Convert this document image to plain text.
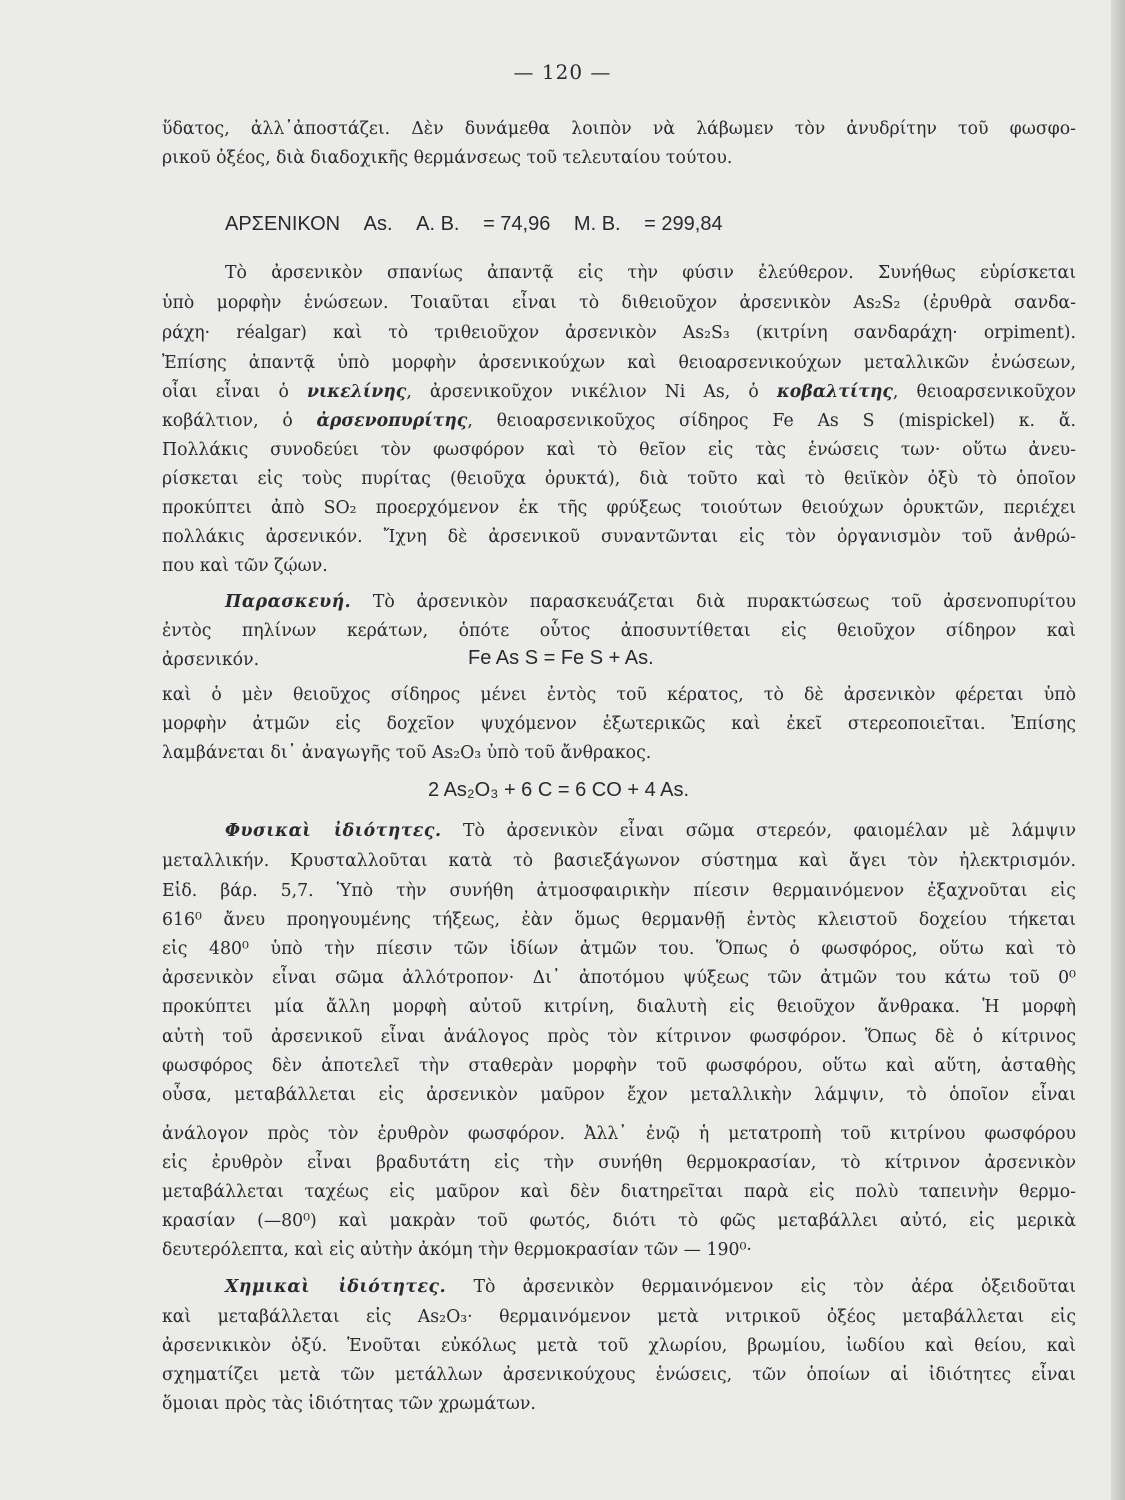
— 120 —
ὕδατος, ἀλλ᾿ἀποστάζει. Δὲν δυνάμεθα λοιπὸν νὰ λάβωμεν τὸν ἀνυδρίτην τοῦ φωσφο-
ρικοῦ ὀξέος, διὰ διαδοχικῆς θερμάνσεως τοῦ τελευταίου τούτου.
ΑΡΣΕΝΙΚΟΝ As. Α. Β. = 74,96 Μ. Β. = 299,84
Τὸ ἀρσενικὸν σπανίως ἀπαντᾷ εἰς τὴν φύσιν ἐλεύθερον. Συνήθως εὑρίσκεται
ὑπὸ μορφὴν ἑνώσεων. Τοιαῦται εἶναι τὸ διθειοῦχον ἀρσενικὸν As₂S₂ (ἐρυθρὰ σανδα-
ράχη· réalgar) καὶ τὸ τριθειοῦχον ἀρσενικὸν As₂S₃ (κιτρίνη σανδαράχη· orpiment).
Ἐπίσης ἀπαντᾷ ὑπὸ μορφὴν ἀρσενικούχων καὶ θειοαρσενικούχων μεταλλικῶν ἑνώσεων,
οἷαι εἶναι ὁ νικελίνης, ἀρσενικοῦχον νικέλιον Ni As, ὁ κοβαλτίτης, θειοαρσενικοῦχον
κοβάλτιον, ὁ ἀρσενοπυρίτης, θειοαρσενικοῦχος σίδηρος Fe As S (mispickel) κ. ἄ.
Πολλάκις συνοδεύει τὸν φωσφόρον καὶ τὸ θεῖον εἰς τὰς ἑνώσεις των· οὕτω ἀνευ-
ρίσκεται εἰς τοὺς πυρίτας (θειοῦχα ὀρυκτά), διὰ τοῦτο καὶ τὸ θειϊκὸν ὀξὺ τὸ ὁποῖον
προκύπτει ἀπὸ SO₂ προερχόμενον ἐκ τῆς φρύξεως τοιούτων θειούχων ὀρυκτῶν, περιέχει
πολλάκις ἀρσενικόν. Ἴχνη δὲ ἀρσενικοῦ συναντῶνται εἰς τὸν ὀργανισμὸν τοῦ ἀνθρώ-
που καὶ τῶν ζῴων.
Παρασκευή. Τὸ ἀρσενικὸν παρασκευάζεται διὰ πυρακτώσεως τοῦ ἀρσενοπυρίτου
ἐντὸς πηλίνων κεράτων, ὁπότε οὗτος ἀποσυντίθεται εἰς θειοῦχον σίδηρον καὶ
ἀρσενικόν.	Fe As S = Fe S + As.
καὶ ὁ μὲν θειοῦχος σίδηρος μένει ἐντὸς τοῦ κέρατος, τὸ δὲ ἀρσενικὸν φέρεται ὑπὸ
μορφὴν ἀτμῶν εἰς δοχεῖον ψυχόμενον ἐξωτερικῶς καὶ ἐκεῖ στερεοποιεῖται. Ἐπίσης
λαμβάνεται δι᾿ ἀναγωγῆς τοῦ As₂O₃ ὑπὸ τοῦ ἄνθρακος.
2 As₂O₃ + 6 C = 6 CO + 4 As.
Φυσικαὶ ἰδιότητες. Τὸ ἀρσενικὸν εἶναι σῶμα στερεόν, φαιομέλαν μὲ λάμψιν
μεταλλικήν. Κρυσταλλοῦται κατὰ τὸ βασιεξάγωνον σύστημα καὶ ἄγει τὸν ἠλεκτρισμόν.
Εἰδ. βάρ. 5,7. Ὑπὸ τὴν συνήθη ἀτμοσφαιρικὴν πίεσιν θερμαινόμενον ἐξαχνοῦται εἰς
616⁰ ἄνευ προηγουμένης τήξεως, ἐὰν ὅμως θερμανθῇ ἐντὸς κλειστοῦ δοχείου τήκεται
εἰς 480⁰ ὑπὸ τὴν πίεσιν τῶν ἰδίων ἀτμῶν του. Ὅπως ὁ φωσφόρος, οὕτω καὶ τὸ
ἀρσενικὸν εἶναι σῶμα ἀλλότροπον· Δι᾿ ἀποτόμου ψύξεως τῶν ἀτμῶν του κάτω τοῦ 0⁰
προκύπτει μία ἄλλη μορφὴ αὐτοῦ κιτρίνη, διαλυτὴ εἰς θειοῦχον ἄνθρακα. Ἡ μορφὴ
αὐτὴ τοῦ ἀρσενικοῦ εἶναι ἀνάλογος πρὸς τὸν κίτρινον φωσφόρον. Ὅπως δὲ ὁ κίτρινος
φωσφόρος δὲν ἀποτελεῖ τὴν σταθερὰν μορφὴν τοῦ φωσφόρου, οὕτω καὶ αὕτη, ἀσταθὴς
οὖσα, μεταβάλλεται εἰς ἀρσενικὸν μαῦρον ἔχον μεταλλικὴν λάμψιν, τὸ ὁποῖον εἶναι
ἀνάλογον πρὸς τὸν ἐρυθρὸν φωσφόρον. Ἀλλ᾿ ἐνῷ ἡ μετατροπὴ τοῦ κιτρίνου φωσφόρου
εἰς ἐρυθρὸν εἶναι βραδυτάτη εἰς τὴν συνήθη θερμοκρασίαν, τὸ κίτρινον ἀρσενικὸν
μεταβάλλεται ταχέως εἰς μαῦρον καὶ δὲν διατηρεῖται παρὰ εἰς πολὺ ταπεινὴν θερμο-
κρασίαν (—80⁰) καὶ μακρὰν τοῦ φωτός, διότι τὸ φῶς μεταβάλλει αὐτό, εἰς μερικὰ
δευτερόλεπτα, καὶ εἰς αὐτὴν ἀκόμη τὴν θερμοκρασίαν τῶν — 190⁰·
Χημικαὶ ἰδιότητες. Τὸ ἀρσενικὸν θερμαινόμενον εἰς τὸν ἀέρα ὀξειδοῦται
καὶ μεταβάλλεται εἰς As₂O₃· θερμαινόμενον μετὰ νιτρικοῦ ὀξέος μεταβάλλεται εἰς
ἀρσενικικὸν ὀξύ. Ἑνοῦται εὐκόλως μετὰ τοῦ χλωρίου, βρωμίου, ἰωδίου καὶ θείου, καὶ
σχηματίζει μετὰ τῶν μετάλλων ἀρσενικούχους ἑνώσεις, τῶν ὁποίων αἱ ἰδιότητες εἶναι
ὅμοιαι πρὸς τὰς ἰδιότητας τῶν χρωμάτων.
